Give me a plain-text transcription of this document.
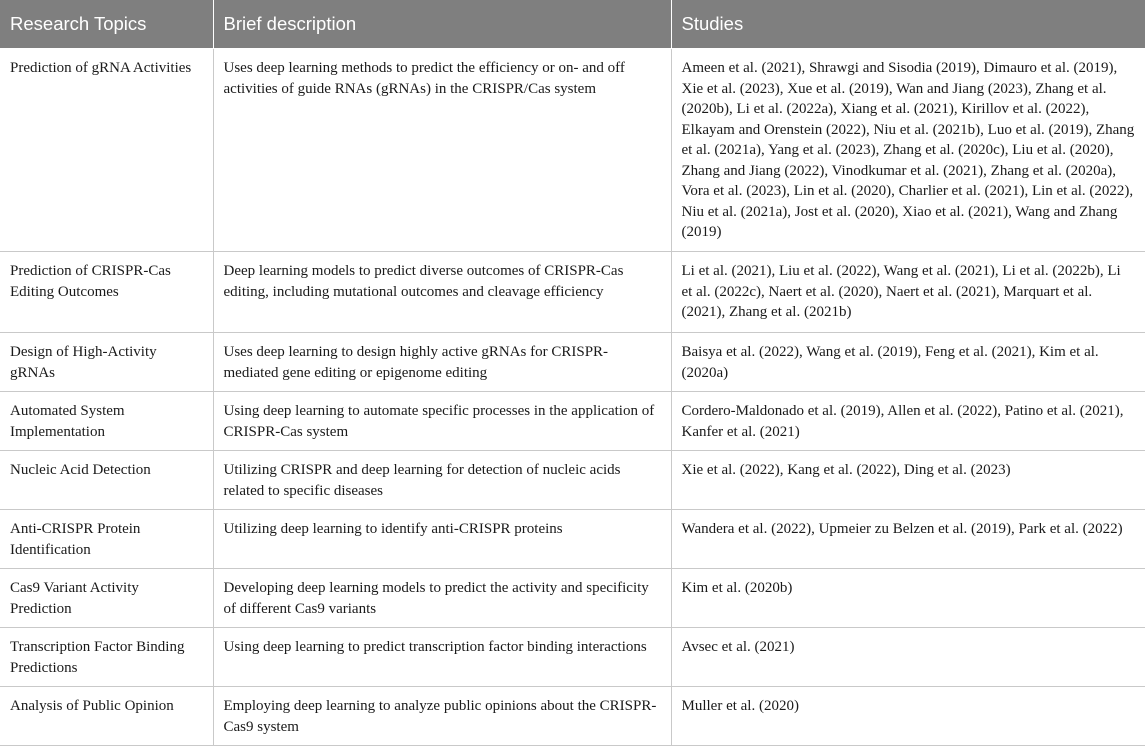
Research Topics	Brief description	Studies
Prediction of gRNA Activities	Uses deep learning methods to predict the efficiency or on- and off activities of guide RNAs (gRNAs) in the CRISPR/Cas system	Ameen et al. (2021), Shrawgi and Sisodia (2019), Dimauro et al. (2019), Xie et al. (2023), Xue et al. (2019), Wan and Jiang (2023), Zhang et al. (2020b), Li et al. (2022a), Xiang et al. (2021), Kirillov et al. (2022), Elkayam and Orenstein (2022), Niu et al. (2021b), Luo et al. (2019), Zhang et al. (2021a), Yang et al. (2023), Zhang et al. (2020c), Liu et al. (2020), Zhang and Jiang (2022), Vinodkumar et al. (2021), Zhang et al. (2020a), Vora et al. (2023), Lin et al. (2020), Charlier et al. (2021), Lin et al. (2022), Niu et al. (2021a), Jost et al. (2020), Xiao et al. (2021), Wang and Zhang (2019)
Prediction of CRISPR-Cas Editing Outcomes	Deep learning models to predict diverse outcomes of CRISPR-Cas editing, including mutational outcomes and cleavage efficiency	Li et al. (2021), Liu et al. (2022), Wang et al. (2021), Li et al. (2022b), Li et al. (2022c), Naert et al. (2020), Naert et al. (2021), Marquart et al. (2021), Zhang et al. (2021b)
Design of High-Activity gRNAs	Uses deep learning to design highly active gRNAs for CRISPR-mediated gene editing or epigenome editing	Baisya et al. (2022), Wang et al. (2019), Feng et al. (2021), Kim et al. (2020a)
Automated System Implementation	Using deep learning to automate specific processes in the application of CRISPR-Cas system	Cordero-Maldonado et al. (2019), Allen et al. (2022), Patino et al. (2021), Kanfer et al. (2021)
Nucleic Acid Detection	Utilizing CRISPR and deep learning for detection of nucleic acids related to specific diseases	Xie et al. (2022), Kang et al. (2022), Ding et al. (2023)
Anti-CRISPR Protein Identification	Utilizing deep learning to identify anti-CRISPR proteins	Wandera et al. (2022), Upmeier zu Belzen et al. (2019), Park et al. (2022)
Cas9 Variant Activity Prediction	Developing deep learning models to predict the activity and specificity of different Cas9 variants	Kim et al. (2020b)
Transcription Factor Binding Predictions	Using deep learning to predict transcription factor binding interactions	Avsec et al. (2021)
Analysis of Public Opinion	Employing deep learning to analyze public opinions about the CRISPR-Cas9 system	Muller et al. (2020)
